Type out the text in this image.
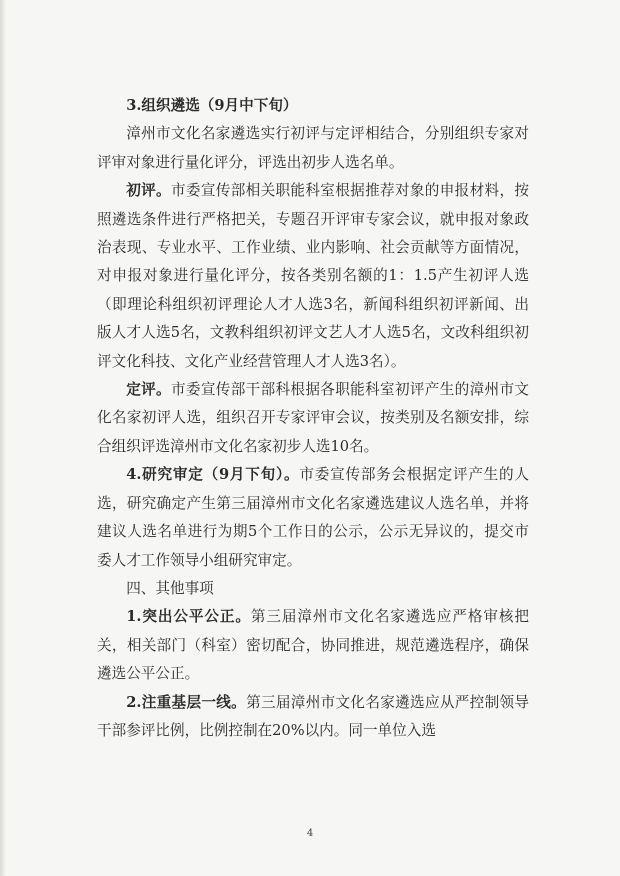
3.组织遴选（9月中下旬）

漳州市文化名家遴选实行初评与定评相结合，分别组织专家对评审对象进行量化评分，评选出初步人选名单。

初评。市委宣传部相关职能科室根据推荐对象的申报材料，按照遴选条件进行严格把关，专题召开评审专家会议，就申报对象政治表现、专业水平、工作业绩、业内影响、社会贡献等方面情况，对申报对象进行量化评分，按各类别名额的1：1.5产生初评人选（即理论科组织初评理论人才人选3名，新闻科组织初评新闻、出版人才人选5名，文教科组织初评文艺人才人选5名，文改科组织初评文化科技、文化产业经营管理人才人选3名）。

定评。市委宣传部干部科根据各职能科室初评产生的漳州市文化名家初评人选，组织召开专家评审会议，按类别及名额安排，综合组织评选漳州市文化名家初步人选10名。

4.研究审定（9月下旬）。市委宣传部务会根据定评产生的人选，研究确定产生第三届漳州市文化名家遴选建议人选名单，并将建议人选名单进行为期5个工作日的公示，公示无异议的，提交市委人才工作领导小组研究审定。

四、其他事项

1.突出公平公正。第三届漳州市文化名家遴选应严格审核把关，相关部门（科室）密切配合，协同推进，规范遴选程序，确保遴选公平公正。

2.注重基层一线。第三届漳州市文化名家遴选应从严控制领导干部参评比例，比例控制在20%以内。同一单位入选

4
